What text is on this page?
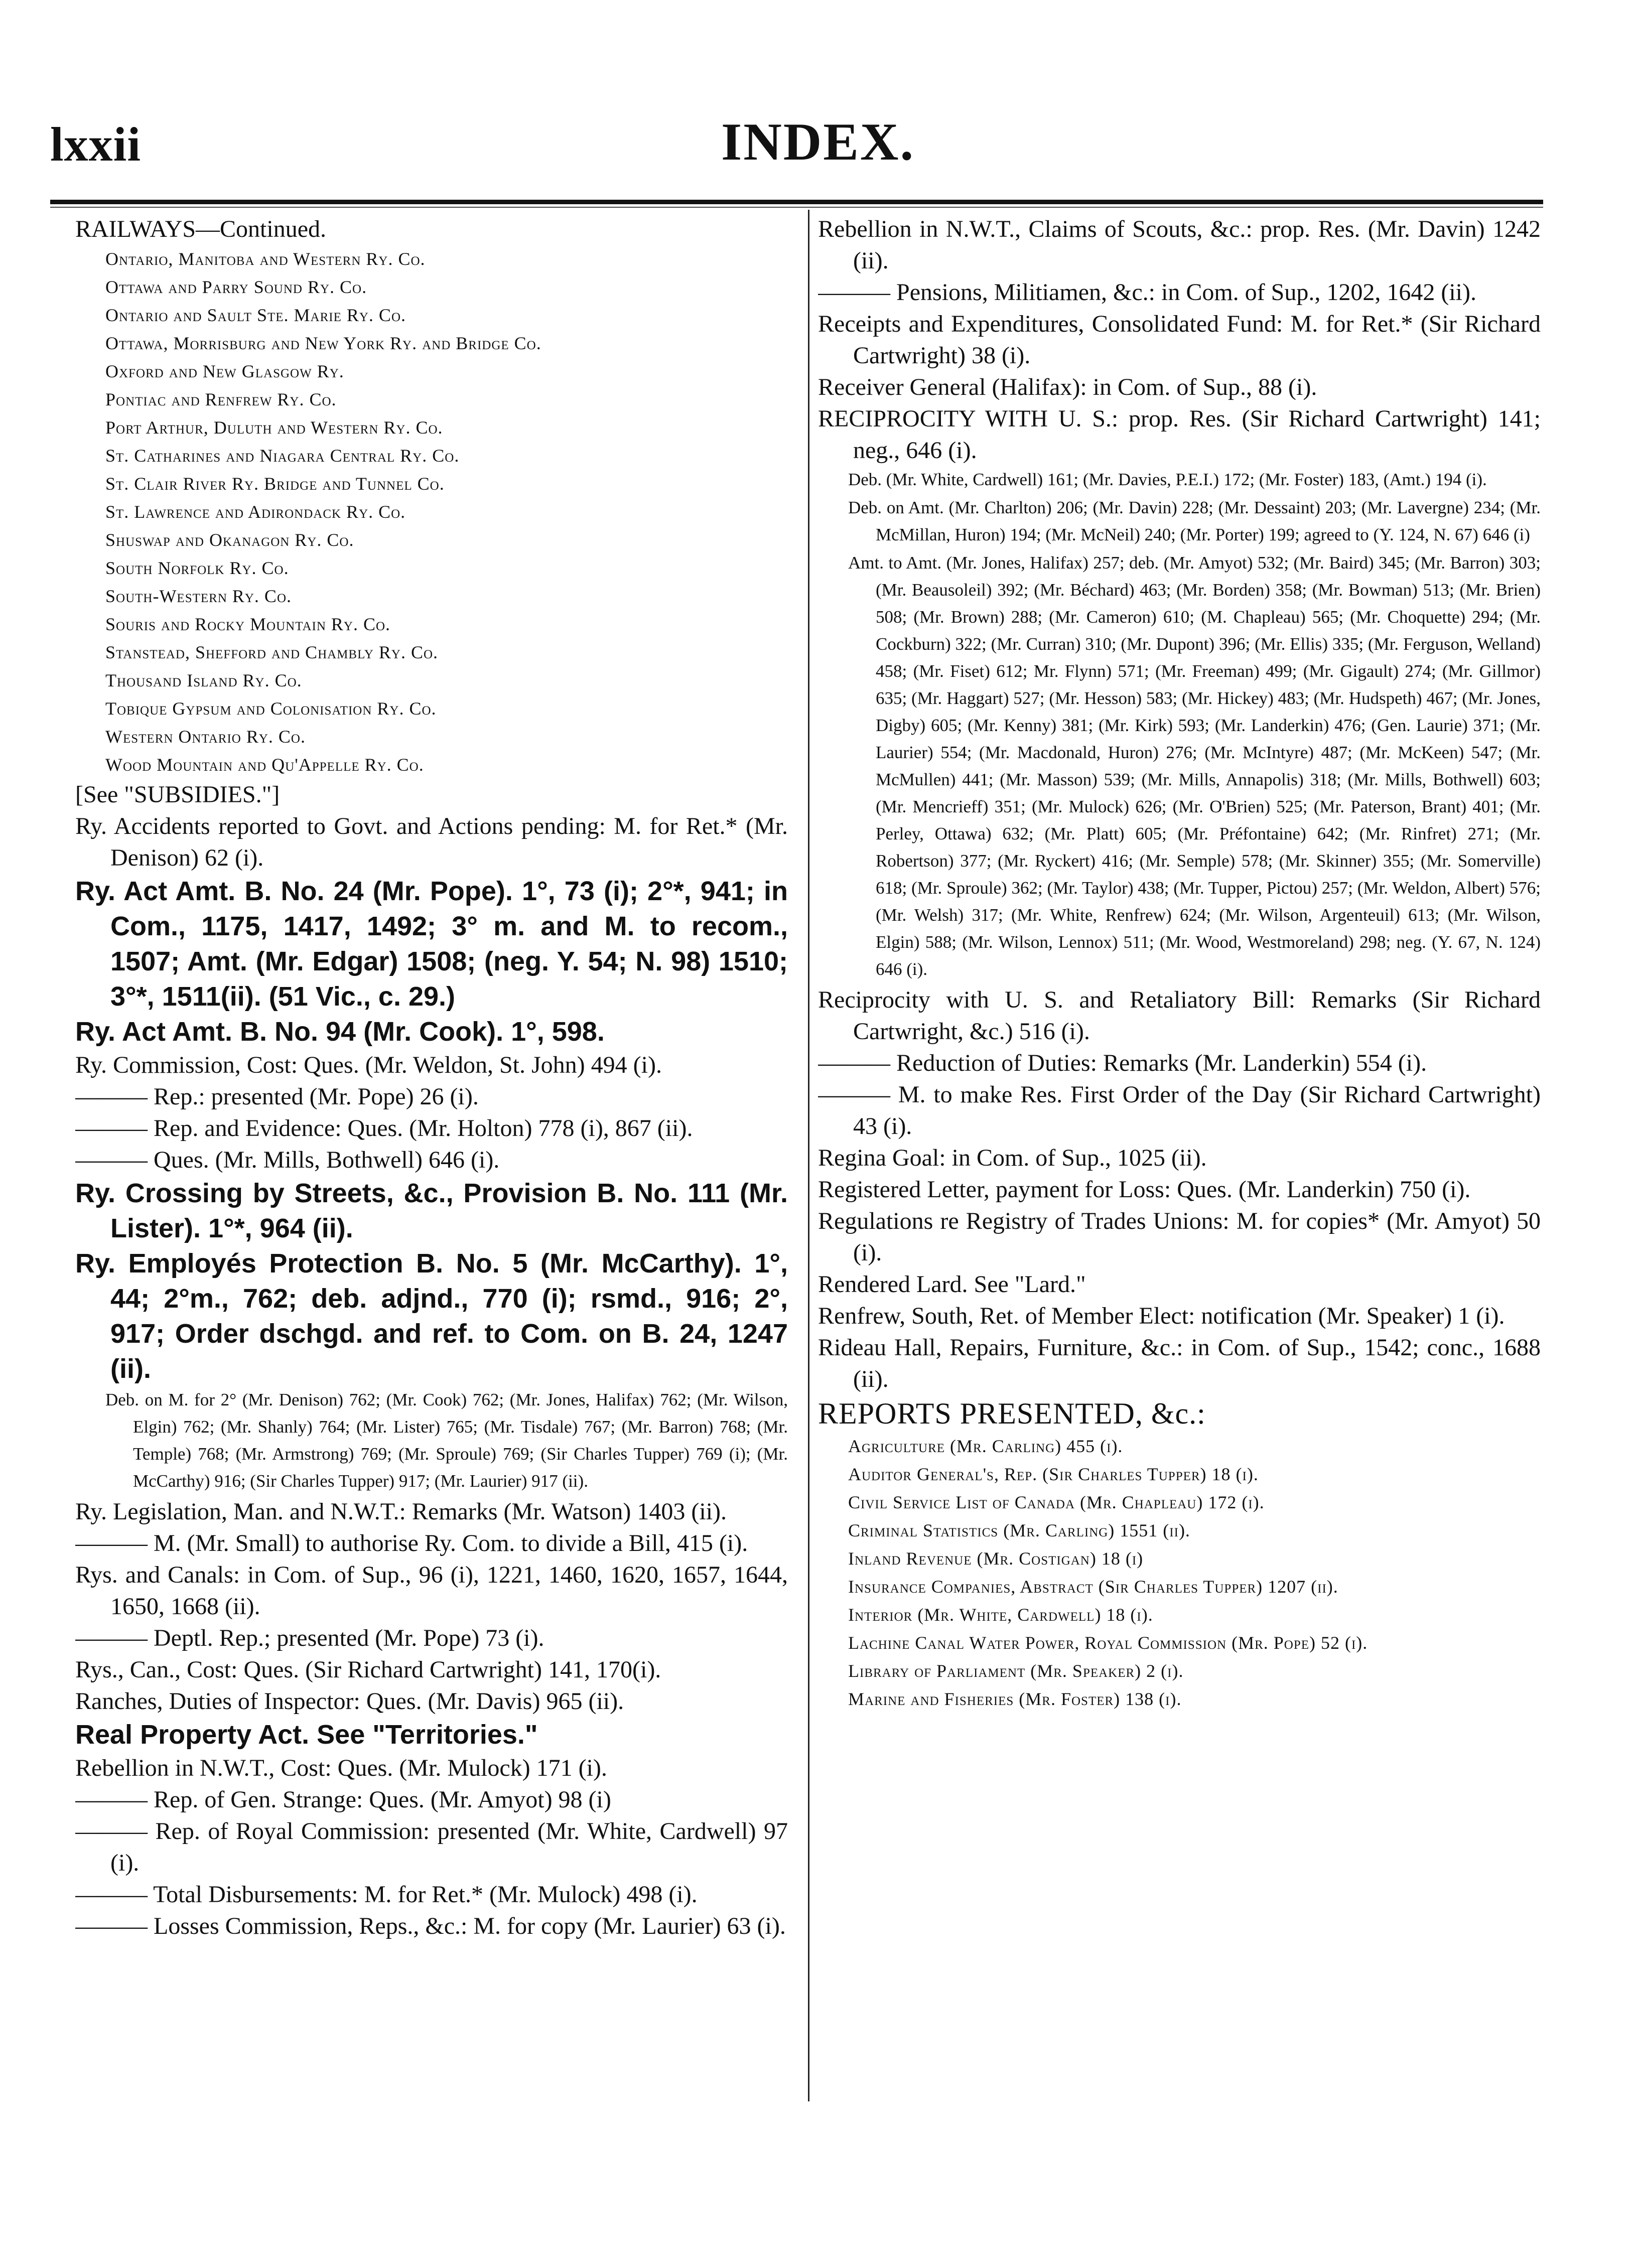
lxxii	INDEX.

RAILWAYS—Continued.

Ontario, Manitoba and Western Ry. Co.

Ottawa and Parry Sound Ry. Co.

Ontario and Sault Ste. Marie Ry. Co.

Ottawa, Morrisburg and New York Ry. and Bridge Co.

Oxford and New Glasgow Ry.

Pontiac and Renfrew Ry. Co.

Port Arthur, Duluth and Western Ry. Co.

St. Catharines and Niagara Central Ry. Co.

St. Clair River Ry. Bridge and Tunnel Co.

St. Lawrence and Adirondack Ry. Co.

Shuswap and Okanagon Ry. Co.

South Norfolk Ry. Co.

South-Western Ry. Co.

Souris and Rocky Mountain Ry. Co.

Stanstead, Shefford and Chambly Ry. Co.

Thousand Island Ry. Co.

Tobique Gypsum and Colonisation Ry. Co.

Western Ontario Ry. Co.

Wood Mountain and Qu'Appelle Ry. Co.

[See "SUBSIDIES."]

Ry. Accidents reported to Govt. and Actions pending: M. for Ret.* (Mr. Denison) 62 (i).

Ry. Act Amt. B. No. 24 (Mr. Pope). 1°, 73 (i); 2°*, 941; in Com., 1175, 1417, 1492; 3° m. and M. to recom., 1507; Amt. (Mr. Edgar) 1508; (neg. Y. 54; N. 98) 1510; 3°*, 1511(ii). (51 Vic., c. 29.)

Ry. Act Amt. B. No. 94 (Mr. Cook). 1°, 598.

Ry. Commission, Cost: Ques. (Mr. Weldon, St. John) 494 (i).

——— Rep.: presented (Mr. Pope) 26 (i).

——— Rep. and Evidence: Ques. (Mr. Holton) 778 (i), 867 (ii).

——— Ques. (Mr. Mills, Bothwell) 646 (i).

Ry. Crossing by Streets, &c., Provision B. No. 111 (Mr. Lister). 1°*, 964 (ii).

Ry. Employés Protection B. No. 5 (Mr. McCarthy). 1°, 44; 2°m., 762; deb. adjnd., 770 (i); rsmd., 916; 2°, 917; Order dschgd. and ref. to Com. on B. 24, 1247 (ii).

Deb. on M. for 2° (Mr. Denison) 762; (Mr. Cook) 762; (Mr. Jones, Halifax) 762; (Mr. Wilson, Elgin) 762; (Mr. Shanly) 764; (Mr. Lister) 765; (Mr. Tisdale) 767; (Mr. Barron) 768; (Mr. Temple) 768; (Mr. Armstrong) 769; (Mr. Sproule) 769; (Sir Charles Tupper) 769 (i); (Mr. McCarthy) 916; (Sir Charles Tupper) 917; (Mr. Laurier) 917 (ii).

Ry. Legislation, Man. and N.W.T.: Remarks (Mr. Watson) 1403 (ii).

——— M. (Mr. Small) to authorise Ry. Com. to divide a Bill, 415 (i).

Rys. and Canals: in Com. of Sup., 96 (i), 1221, 1460, 1620, 1657, 1644, 1650, 1668 (ii).

——— Deptl. Rep.; presented (Mr. Pope) 73 (i).

Rys., Can., Cost: Ques. (Sir Richard Cartwright) 141, 170(i).

Ranches, Duties of Inspector: Ques. (Mr. Davis) 965 (ii).

Real Property Act. See "Territories."

Rebellion in N.W.T., Cost: Ques. (Mr. Mulock) 171 (i).

——— Rep. of Gen. Strange: Ques. (Mr. Amyot) 98 (i)

——— Rep. of Royal Commission: presented (Mr. White, Cardwell) 97 (i).

——— Total Disbursements: M. for Ret.* (Mr. Mulock) 498 (i).

——— Losses Commission, Reps., &c.: M. for copy (Mr. Laurier) 63 (i).

Rebellion in N.W.T., Claims of Scouts, &c.: prop. Res. (Mr. Davin) 1242 (ii).

——— Pensions, Militiamen, &c.: in Com. of Sup., 1202, 1642 (ii).

Receipts and Expenditures, Consolidated Fund: M. for Ret.* (Sir Richard Cartwright) 38 (i).

Receiver General (Halifax): in Com. of Sup., 88 (i).

RECIPROCITY WITH U. S.: prop. Res. (Sir Richard Cartwright) 141; neg., 646 (i).

Deb. (Mr. White, Cardwell) 161; (Mr. Davies, P.E.I.) 172; (Mr. Foster) 183, (Amt.) 194 (i).

Deb. on Amt. (Mr. Charlton) 206; (Mr. Davin) 228; (Mr. Dessaint) 203; (Mr. Lavergne) 234; (Mr. McMillan, Huron) 194; (Mr. McNeil) 240; (Mr. Porter) 199; agreed to (Y. 124, N. 67) 646 (i)

Amt. to Amt. (Mr. Jones, Halifax) 257; deb. (Mr. Amyot) 532; (Mr. Baird) 345; (Mr. Barron) 303; (Mr. Beausoleil) 392; (Mr. Béchard) 463; (Mr. Borden) 358; (Mr. Bowman) 513; (Mr. Brien) 508; (Mr. Brown) 288; (Mr. Cameron) 610; (M. Chapleau) 565; (Mr. Choquette) 294; (Mr. Cockburn) 322; (Mr. Curran) 310; (Mr. Dupont) 396; (Mr. Ellis) 335; (Mr. Ferguson, Welland) 458; (Mr. Fiset) 612; Mr. Flynn) 571; (Mr. Freeman) 499; (Mr. Gigault) 274; (Mr. Gillmor) 635; (Mr. Haggart) 527; (Mr. Hesson) 583; (Mr. Hickey) 483; (Mr. Hudspeth) 467; (Mr. Jones, Digby) 605; (Mr. Kenny) 381; (Mr. Kirk) 593; (Mr. Landerkin) 476; (Gen. Laurie) 371; (Mr. Laurier) 554; (Mr. Macdonald, Huron) 276; (Mr. McIntyre) 487; (Mr. McKeen) 547; (Mr. McMullen) 441; (Mr. Masson) 539; (Mr. Mills, Annapolis) 318; (Mr. Mills, Bothwell) 603; (Mr. Mencrieff) 351; (Mr. Mulock) 626; (Mr. O'Brien) 525; (Mr. Paterson, Brant) 401; (Mr. Perley, Ottawa) 632; (Mr. Platt) 605; (Mr. Préfontaine) 642; (Mr. Rinfret) 271; (Mr. Robertson) 377; (Mr. Ryckert) 416; (Mr. Semple) 578; (Mr. Skinner) 355; (Mr. Somerville) 618; (Mr. Sproule) 362; (Mr. Taylor) 438; (Mr. Tupper, Pictou) 257; (Mr. Weldon, Albert) 576; (Mr. Welsh) 317; (Mr. White, Renfrew) 624; (Mr. Wilson, Argenteuil) 613; (Mr. Wilson, Elgin) 588; (Mr. Wilson, Lennox) 511; (Mr. Wood, Westmoreland) 298; neg. (Y. 67, N. 124) 646 (i).

Reciprocity with U. S. and Retaliatory Bill: Remarks (Sir Richard Cartwright, &c.) 516 (i).

——— Reduction of Duties: Remarks (Mr. Landerkin) 554 (i).

——— M. to make Res. First Order of the Day (Sir Richard Cartwright) 43 (i).

Regina Goal: in Com. of Sup., 1025 (ii).

Registered Letter, payment for Loss: Ques. (Mr. Landerkin) 750 (i).

Regulations re Registry of Trades Unions: M. for copies* (Mr. Amyot) 50 (i).

Rendered Lard. See "Lard."

Renfrew, South, Ret. of Member Elect: notification (Mr. Speaker) 1 (i).

Rideau Hall, Repairs, Furniture, &c.: in Com. of Sup., 1542; conc., 1688 (ii).

REPORTS PRESENTED, &c.:

Agriculture (Mr. Carling) 455 (i).

Auditor General's, Rep. (Sir Charles Tupper) 18 (i).

Civil Service List of Canada (Mr. Chapleau) 172 (i).

Criminal Statistics (Mr. Carling) 1551 (ii).

Inland Revenue (Mr. Costigan) 18 (i)

Insurance Companies, Abstract (Sir Charles Tupper) 1207 (ii).

Interior (Mr. White, Cardwell) 18 (i).

Lachine Canal Water Power, Royal Commission (Mr. Pope) 52 (i).

Library of Parliament (Mr. Speaker) 2 (i).

Marine and Fisheries (Mr. Foster) 138 (i).
